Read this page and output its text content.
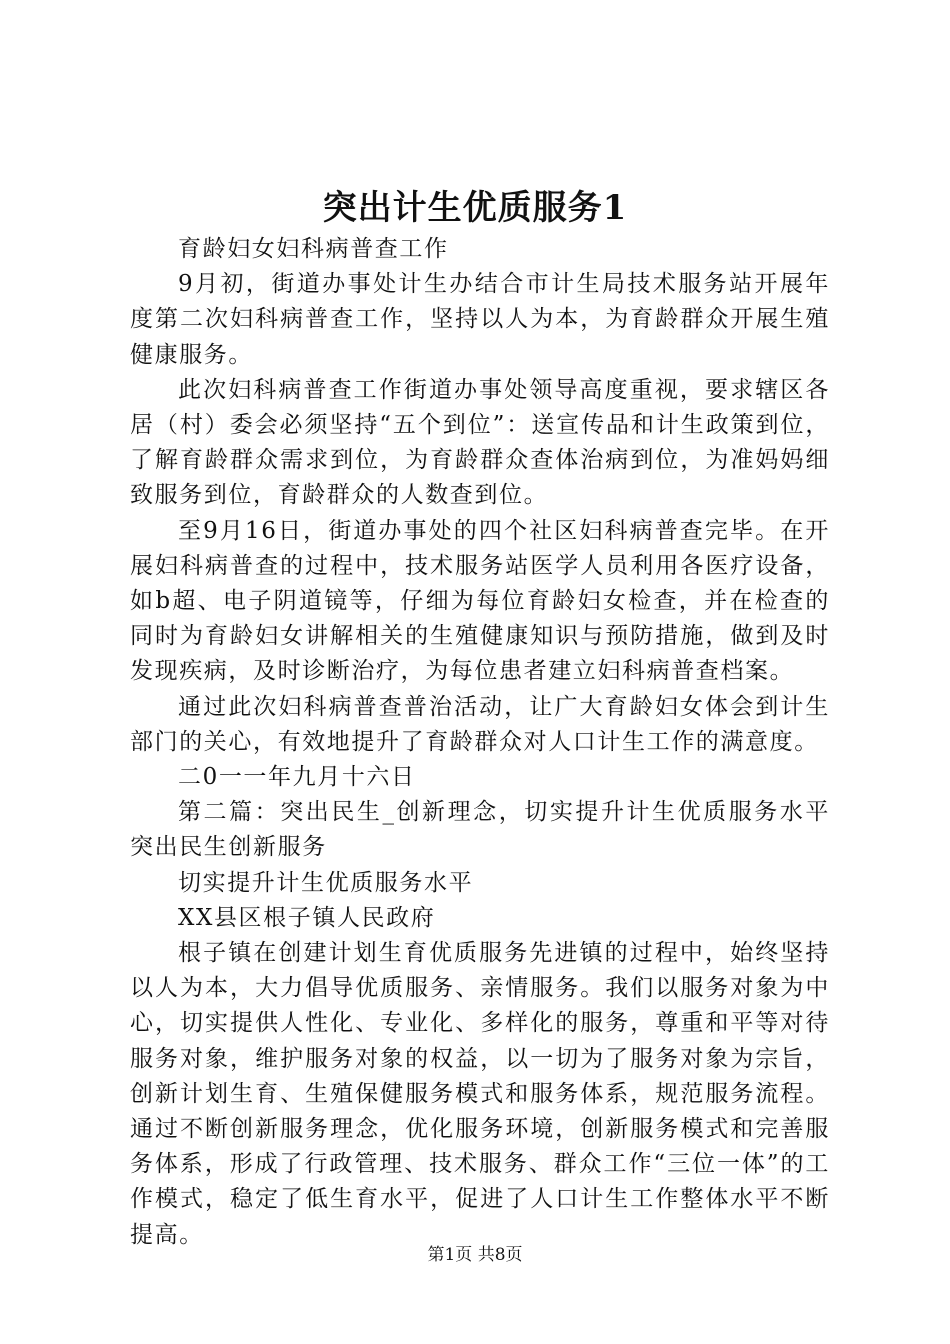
突出计生优质服务1

育龄妇女妇科病普查工作

9月初，街道办事处计生办结合市计生局技术服务站开展年度第二次妇科病普查工作，坚持以人为本，为育龄群众开展生殖健康服务。

此次妇科病普查工作街道办事处领导高度重视，要求辖区各居（村）委会必须坚持“五个到位”：送宣传品和计生政策到位，了解育龄群众需求到位，为育龄群众查体治病到位，为准妈妈细致服务到位，育龄群众的人数查到位。

至9月16日，街道办事处的四个社区妇科病普查完毕。在开展妇科病普查的过程中，技术服务站医学人员利用各医疗设备，如b超、电子阴道镜等，仔细为每位育龄妇女检查，并在检查的同时为育龄妇女讲解相关的生殖健康知识与预防措施，做到及时发现疾病，及时诊断治疗，为每位患者建立妇科病普查档案。

通过此次妇科病普查普治活动，让广大育龄妇女体会到计生部门的关心，有效地提升了育龄群众对人口计生工作的满意度。

二0一一年九月十六日

第二篇：突出民生_创新理念，切实提升计生优质服务水平突出民生创新服务

切实提升计生优质服务水平

XX县区根子镇人民政府

根子镇在创建计划生育优质服务先进镇的过程中，始终坚持以人为本，大力倡导优质服务、亲情服务。我们以服务对象为中心，切实提供人性化、专业化、多样化的服务，尊重和平等对待服务对象，维护服务对象的权益，以一切为了服务对象为宗旨，创新计划生育、生殖保健服务模式和服务体系，规范服务流程。通过不断创新服务理念，优化服务环境，创新服务模式和完善服务体系，形成了行政管理、技术服务、群众工作“三位一体”的工作模式，稳定了低生育水平，促进了人口计生工作整体水平不断提高。

第1页 共8页
